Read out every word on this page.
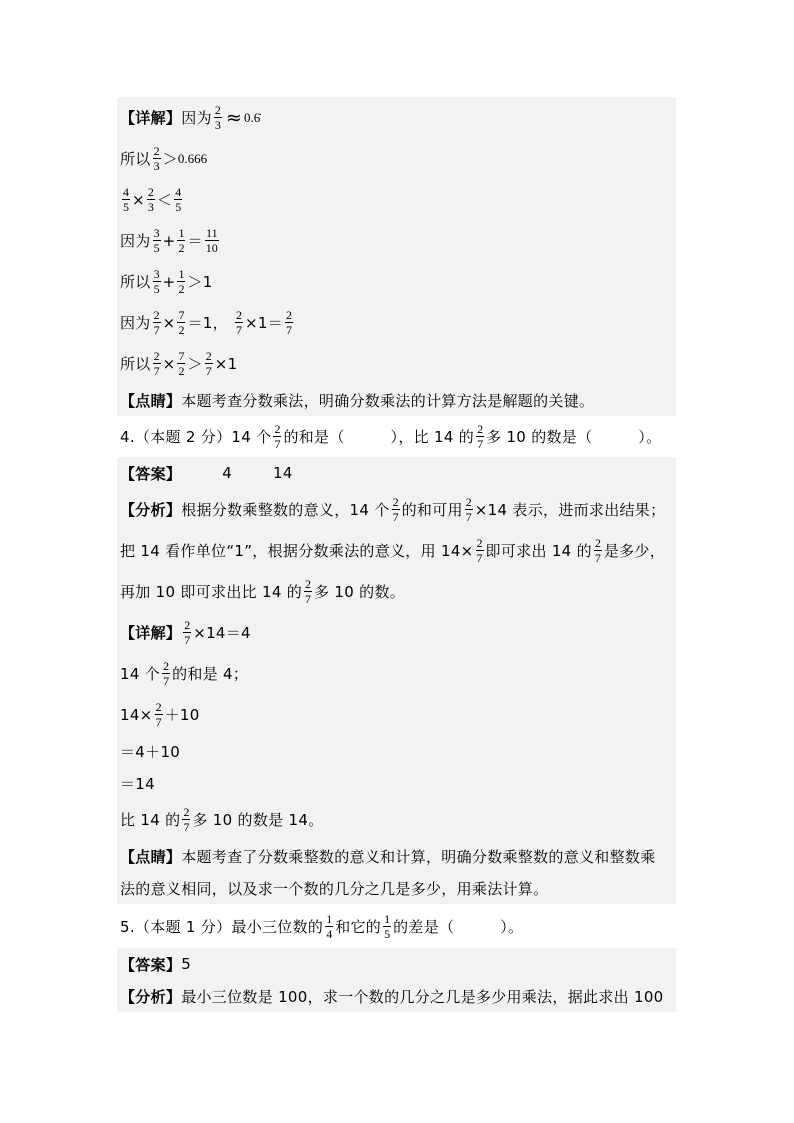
【详解】 因为 $\frac{2}{3}$ ≈ 0.6̇
所以 $\frac{2}{3} > 0.666$
$\frac{4}{5} \times \frac{2}{3} < \frac{4}{5}$
因为 $\frac{3}{5} + \frac{1}{2} = \frac{11}{10}$
所以 $\frac{3}{5} + \frac{1}{2} >1$
因为 $\frac{2}{7} \times \frac{7}{2} =1$， $\frac{2}{7} \times 1= \frac{2}{7}$
所以 $\frac{2}{7} \times \frac{7}{2} > \frac{2}{7} \times 1$
【点睛】 本题考查分数乘法，明确分数乘法的计算方法是解题的关键。
4.（本题 2 分）14 个 $\frac{2}{7}$ 的和是（　　　），比 14 的 $\frac{2}{7}$ 多 10 的数是（　　　）。
【答案】	4	14
【分析】 根据分数乘整数的意义，14 个 $\frac{2}{7}$ 的和可用 $\frac{2}{7} \times 14$ 表示，进而求出结果；
把 14 看作单位“1”，根据分数乘法的意义，用 $14\times \frac{2}{7}$ 即可求出 14 的 $\frac{2}{7}$ 是多少，
再加 10 即可求出比 14 的 $\frac{2}{7}$ 多 10 的数。
【详解】 $\frac{2}{7} \times 14=4$
14 个 $\frac{2}{7}$ 的和是 4；
$14\times \frac{2}{7} +10$
＝4＋10
＝14
比 14 的 $\frac{2}{7}$ 多 10 的数是 14。
【点睛】 本题考查了分数乘整数的意义和计算，明确分数乘整数的意义和整数乘
法的意义相同，以及求一个数的几分之几是多少，用乘法计算。
5.（本题 1 分）最小三位数的 $\frac{1}{4}$ 和它的 $\frac{1}{5}$ 的差是（　　　）。
【答案】 5
【分析】 最小三位数是 100，求一个数的几分之几是多少用乘法，据此求出 100
